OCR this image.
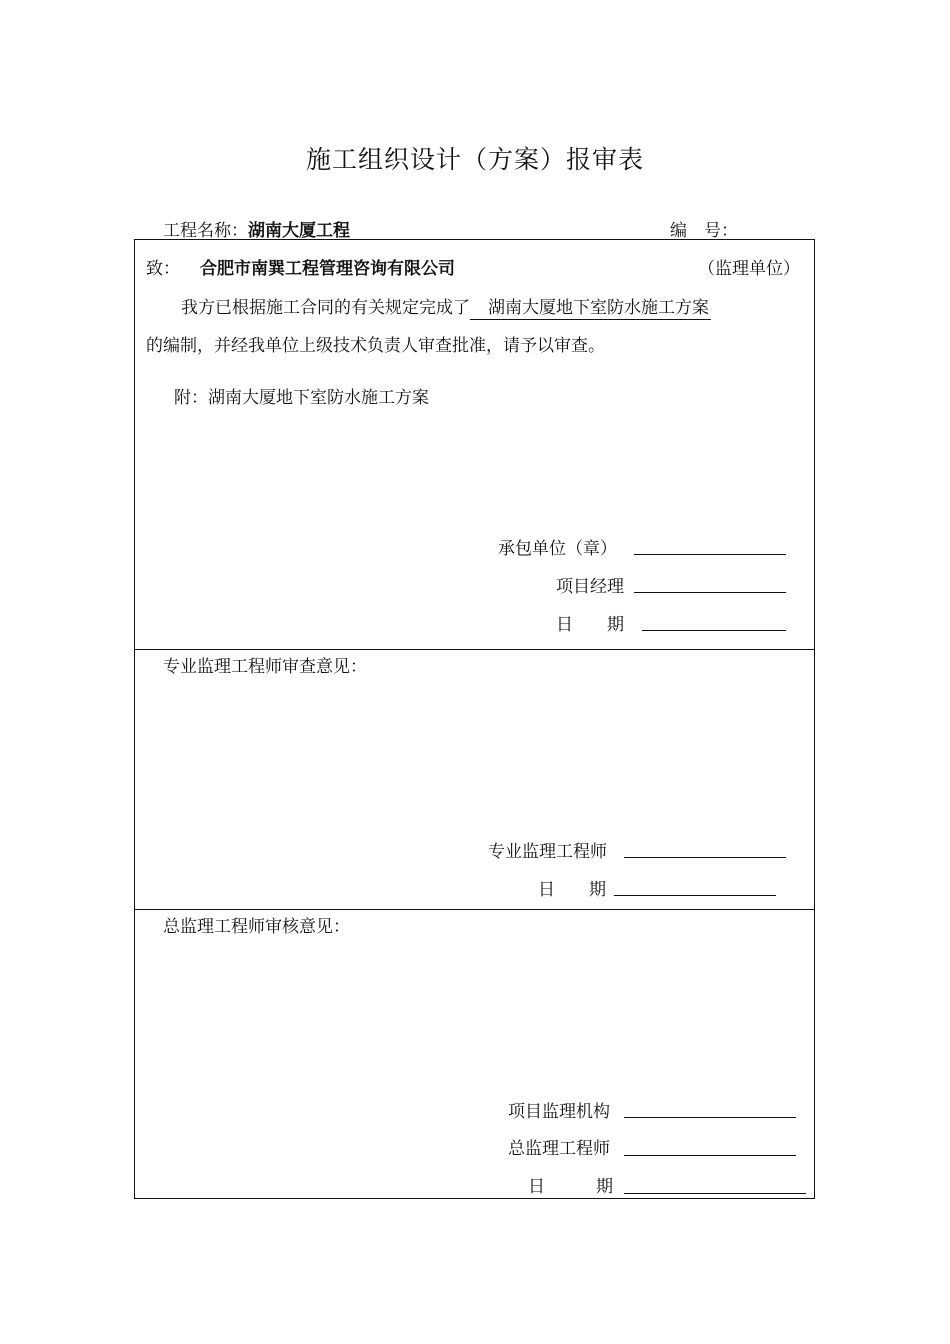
施工组织设计（方案）报审表
工程名称：湖南大厦工程	编　号：
致： 合肥市南巽工程管理咨询有限公司	（监理单位）
我方已根据施工合同的有关规定完成了 湖南大厦地下室防水施工方案
的编制，并经我单位上级技术负责人审查批准，请予以审查。
附：湖南大厦地下室防水施工方案
承包单位（章）
项目经理
日　　期
专业监理工程师审查意见：
专业监理工程师
日　　期
总监理工程师审核意见：
项目监理机构
总监理工程师
日　　　期
